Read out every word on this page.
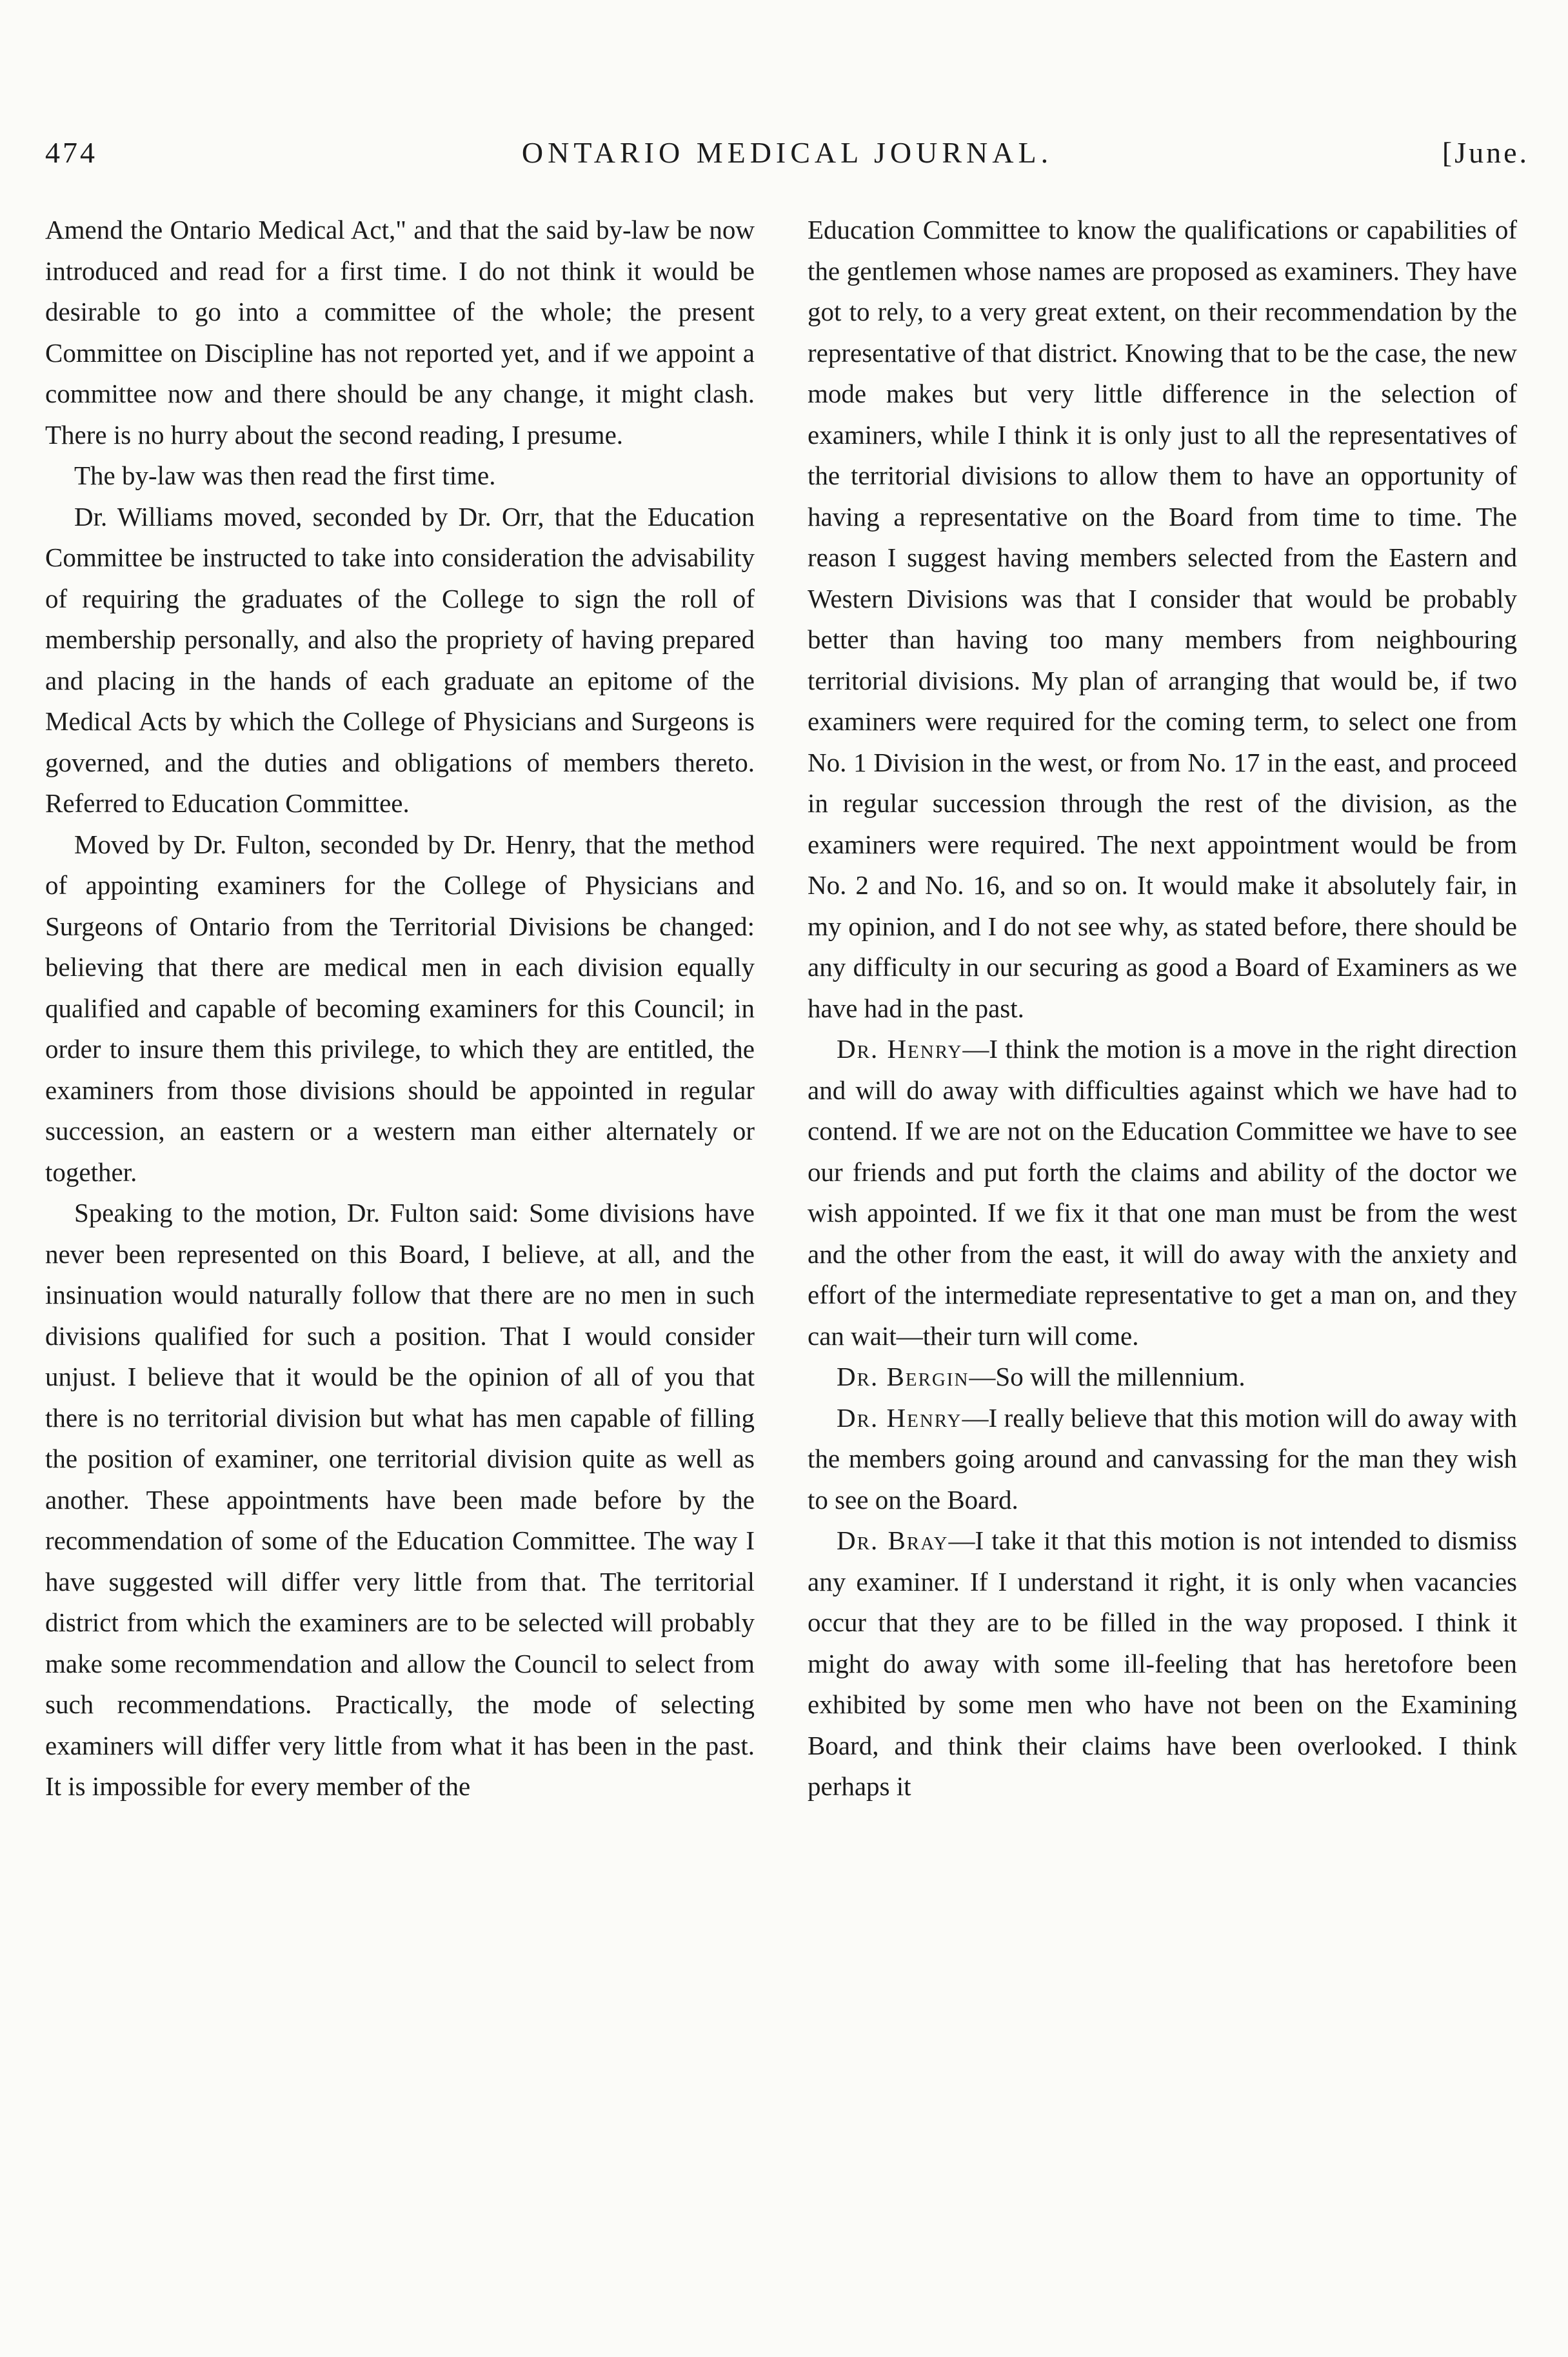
474	ONTARIO MEDICAL JOURNAL.	[June.

Amend the Ontario Medical Act," and that the said by-law be now introduced and read for a first time. I do not think it would be desirable to go into a committee of the whole; the present Committee on Discipline has not reported yet, and if we appoint a committee now and there should be any change, it might clash. There is no hurry about the second reading, I presume.

The by-law was then read the first time.

Dr. Williams moved, seconded by Dr. Orr, that the Education Committee be instructed to take into consideration the advisability of requiring the graduates of the College to sign the roll of membership personally, and also the propriety of having prepared and placing in the hands of each graduate an epitome of the Medical Acts by which the College of Physicians and Surgeons is governed, and the duties and obligations of members thereto. Referred to Education Committee.

Moved by Dr. Fulton, seconded by Dr. Henry, that the method of appointing examiners for the College of Physicians and Surgeons of Ontario from the Territorial Divisions be changed: believing that there are medical men in each division equally qualified and capable of becoming examiners for this Council; in order to insure them this privilege, to which they are entitled, the examiners from those divisions should be appointed in regular succession, an eastern or a western man either alternately or together.

Speaking to the motion, Dr. Fulton said: Some divisions have never been represented on this Board, I believe, at all, and the insinuation would naturally follow that there are no men in such divisions qualified for such a position. That I would consider unjust. I believe that it would be the opinion of all of you that there is no territorial division but what has men capable of filling the position of examiner, one territorial division quite as well as another. These appointments have been made before by the recommendation of some of the Education Committee. The way I have suggested will differ very little from that. The territorial district from which the examiners are to be selected will probably make some recommendation and allow the Council to select from such recommendations. Practically, the mode of selecting examiners will differ very little from what it has been in the past. It is impossible for every member of the

Education Committee to know the qualifications or capabilities of the gentlemen whose names are proposed as examiners. They have got to rely, to a very great extent, on their recommendation by the representative of that district. Knowing that to be the case, the new mode makes but very little difference in the selection of examiners, while I think it is only just to all the representatives of the territorial divisions to allow them to have an opportunity of having a representative on the Board from time to time. The reason I suggest having members selected from the Eastern and Western Divisions was that I consider that would be probably better than having too many members from neighbouring territorial divisions. My plan of arranging that would be, if two examiners were required for the coming term, to select one from No. 1 Division in the west, or from No. 17 in the east, and proceed in regular succession through the rest of the division, as the examiners were required. The next appointment would be from No. 2 and No. 16, and so on. It would make it absolutely fair, in my opinion, and I do not see why, as stated before, there should be any difficulty in our securing as good a Board of Examiners as we have had in the past.

Dr. Henry—I think the motion is a move in the right direction and will do away with difficulties against which we have had to contend. If we are not on the Education Committee we have to see our friends and put forth the claims and ability of the doctor we wish appointed. If we fix it that one man must be from the west and the other from the east, it will do away with the anxiety and effort of the intermediate representative to get a man on, and they can wait—their turn will come.

Dr. Bergin—So will the millennium.

Dr. Henry—I really believe that this motion will do away with the members going around and canvassing for the man they wish to see on the Board.

Dr. Bray—I take it that this motion is not intended to dismiss any examiner. If I understand it right, it is only when vacancies occur that they are to be filled in the way proposed. I think it might do away with some ill-feeling that has heretofore been exhibited by some men who have not been on the Examining Board, and think their claims have been overlooked. I think perhaps it
